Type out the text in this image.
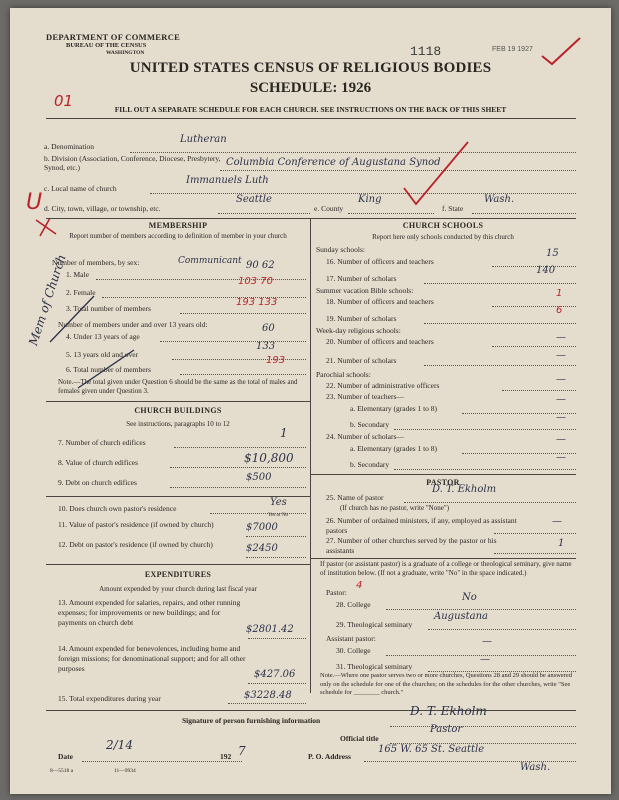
DEPARTMENT OF COMMERCE
BUREAU OF THE CENSUS
WASHINGTON	1118	FEB 19 1927
UNITED STATES CENSUS OF RELIGIOUS BODIES
SCHEDULE: 1926
01	FILL OUT A SEPARATE SCHEDULE FOR EACH CHURCH. SEE INSTRUCTIONS ON THE BACK OF THIS SHEET
a. Denomination
Lutheran
b. Division (Association, Conference, Diocese, Presbytery, Synod, etc.)	Columbia Conference of Augustana Synod
c. Local name of church
Immanuels Luth
U d. City, town, village, or township, etc.
Seattle
e. County
King
f. State
Wash.
MEMBERSHIP
Report number of members according to definition of member in your church
Number of members, by sex:	Communicant
1. Male
90 62
2. Female
103 70
3. Total number of members
193 133
Number of members under and over 13 years old:
4. Under 13 years of age
60
5. 13 years old and over
133
6. Total number of members
193
Mem of Church
Note.—The total given under Question 6 should be the same as the total of males and females given under Question 3.
CHURCH BUILDINGS
See instructions, paragraphs 10 to 12
7. Number of church edifices
1
8. Value of church edifices	$10,800
9. Debt on church edifices	$500
10. Does church own pastor's residence
Yes
Yes or No
11. Value of pastor's residence (if owned by church)	$7000
12. Debt on pastor's residence (if owned by church)	$2450
EXPENDITURES
Amount expended by your church during last fiscal year
13. Amount expended for salaries, repairs, and other running expenses; for improvements or new buildings; and for payments on church debt
$2801.42
14. Amount expended for benevolences, including home and foreign missions; for denominational support; and for all other purposes
$427.06
15. Total expenditures during year	$3228.48
CHURCH SCHOOLS
Report here only schools conducted by this church
Sunday schools:
16. Number of officers and teachers
15
17. Number of scholars
140
Summer vacation Bible schools:
18. Number of officers and teachers
1
19. Number of scholars
6
Week-day religious schools:
20. Number of officers and teachers	—
21. Number of scholars	—
Parochial schools:
22. Number of administrative officers
—
23. Number of teachers—
a. Elementary (grades 1 to 8)
—
b. Secondary
—
24. Number of scholars—
a. Elementary (grades 1 to 8)
—
b. Secondary
—
PASTOR
25. Name of pastor
D. T. Ekholm
(If church has no pastor, write "None")
26. Number of ordained ministers, if any, employed as assistant pastors
—
27. Number of other churches served by the pastor or his assistants
1
If pastor (or assistant pastor) is a graduate of a college or theological seminary, give name of institution below. (If not a graduate, write "No" in the space indicated.)
Pastor:
4
28. College
No
29. Theological seminary
Augustana
Assistant pastor:
30. College
—
31. Theological seminary
—
Note.—Where one pastor serves two or more churches, Questions 28 and 29 should be answered only on the schedule for one of the churches; on the schedules for the other churches, write "See schedule for ________ church."
Signature of person furnishing information
D. T. Ekholm
Official title
Pastor
Date
2/14
192 7	P. O. Address
165 W. 65 St. Seattle
Wash.
8—5518 a	11—9934
